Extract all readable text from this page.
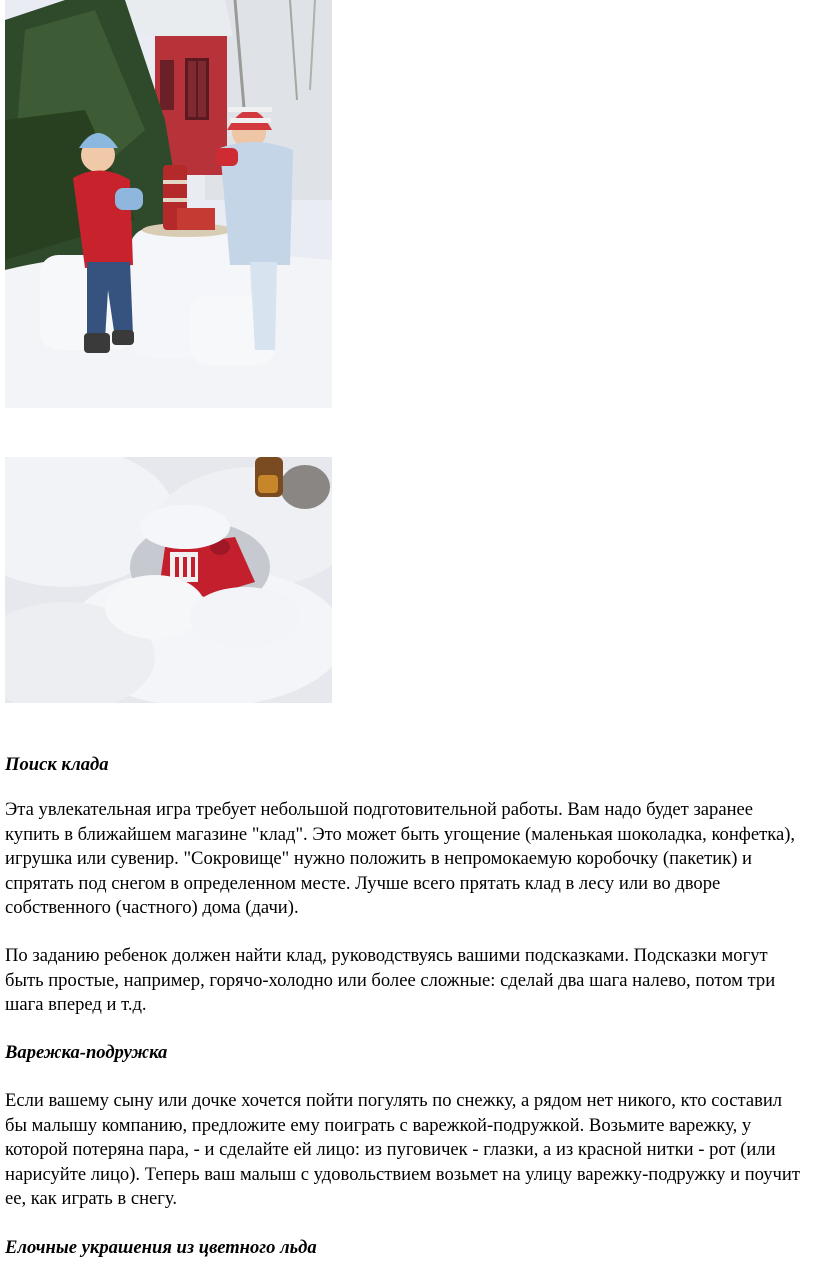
Поиск клада

Эта увлекательная игра требует небольшой подготовительной работы. Вам надо будет заранее купить в ближайшем магазине "клад". Это может быть угощение (маленькая шоколадка, конфетка), игрушка или сувенир. "Сокровище" нужно положить в непромокаемую коробочку (пакетик) и спрятать под снегом в определенном месте. Лучше всего прятать клад в лесу или во дворе собственного (частного) дома (дачи).

По заданию ребенок должен найти клад, руководствуясь вашими подсказками. Подсказки могут быть простые, например, горячо-холодно или более сложные: сделай два шага налево, потом три шага вперед и т.д.

Варежка-подружка

Если вашему сыну или дочке хочется пойти погулять по снежку, а рядом нет никого, кто составил бы малышу компанию, предложите ему поиграть с варежкой-подружкой. Возьмите варежку, у которой потеряна пара, - и сделайте ей лицо: из пуговичек - глазки, а из красной нитки - рот (или нарисуйте лицо). Теперь ваш малыш с удовольствием возьмет на улицу варежку-подружку и поучит ее, как играть в снегу.

Елочные украшения из цветного льда
